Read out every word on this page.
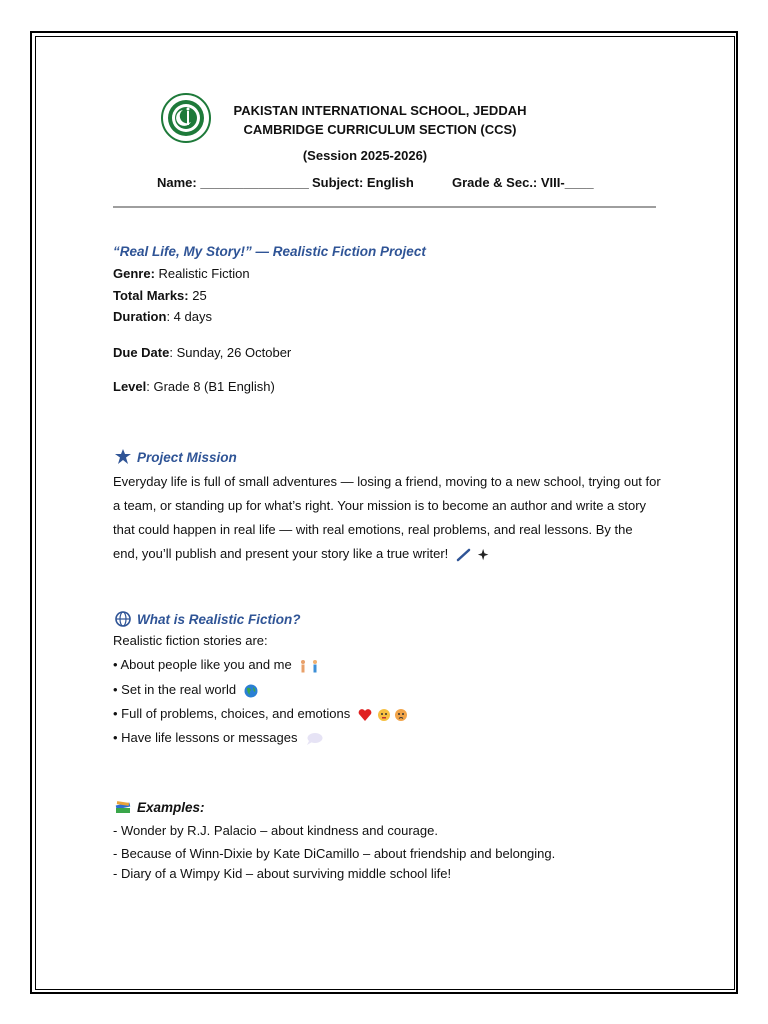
PAKISTAN INTERNATIONAL SCHOOL, JEDDAH
CAMBRIDGE CURRICULUM SECTION (CCS)
(Session 2025-2026)
Name: _______________ Subject: English	Grade & Sec.: VIII-____
“Real Life, My Story!” — Realistic Fiction Project
Genre: Realistic Fiction
Total Marks: 25
Duration: 4 days
Due Date: Sunday, 26 October
Level: Grade 8 (B1 English)
Project Mission
Everyday life is full of small adventures — losing a friend, moving to a new school, trying out for a team, or standing up for what’s right. Your mission is to become an author and write a story that could happen in real life — with real emotions, real problems, and real lessons. By the end, you’ll publish and present your story like a true writer!
What is Realistic Fiction?
Realistic fiction stories are:
• About people like you and me
• Set in the real world
• Full of problems, choices, and emotions
• Have life lessons or messages
Examples:
- Wonder by R.J. Palacio – about kindness and courage.
- Because of Winn-Dixie by Kate DiCamillo – about friendship and belonging.
- Diary of a Wimpy Kid – about surviving middle school life!
